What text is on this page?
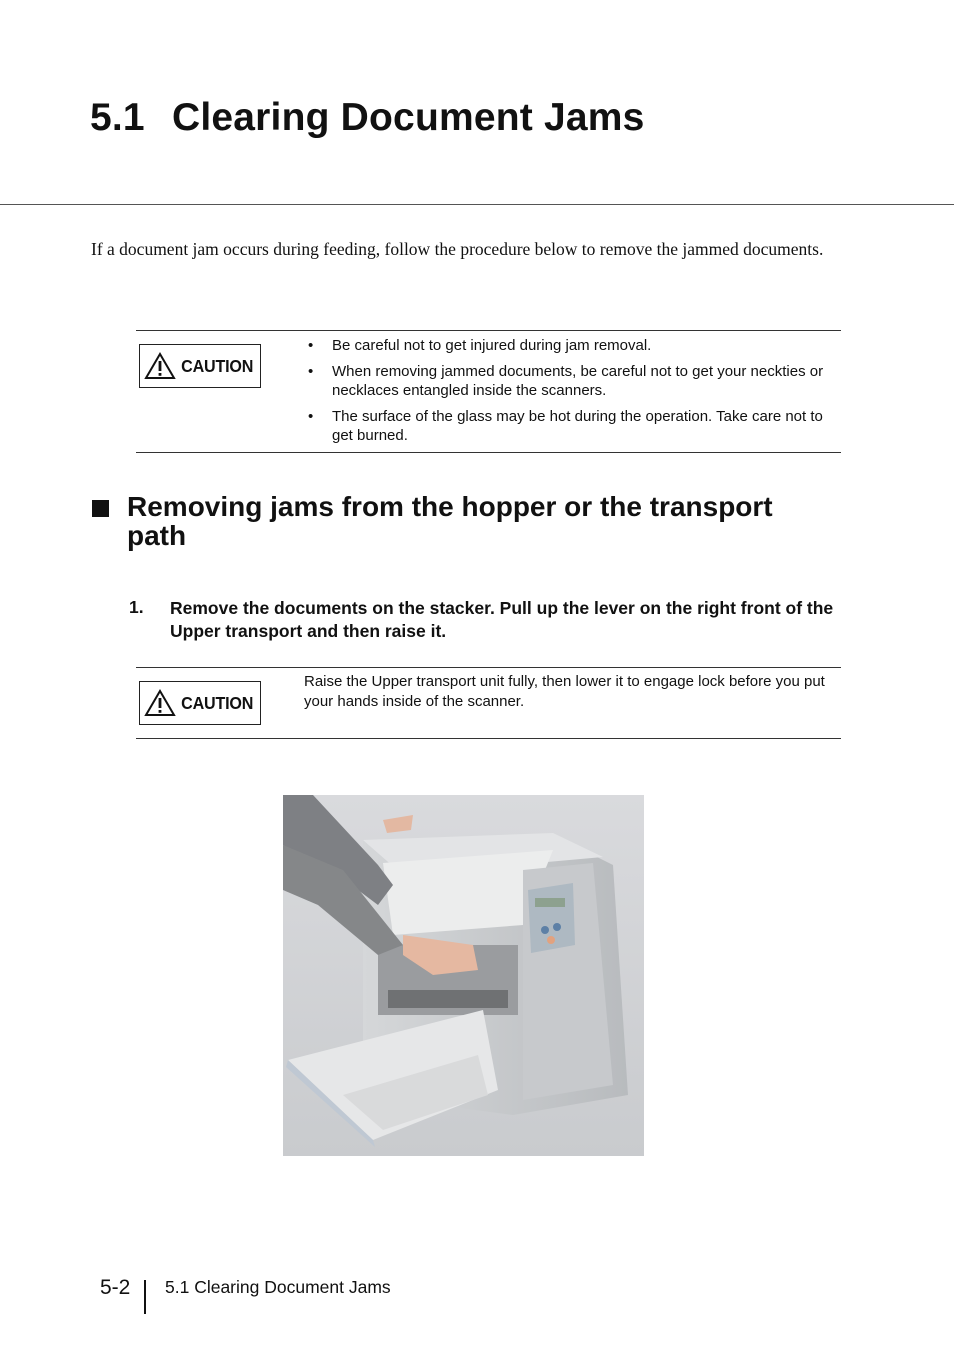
5.1 Clearing Document Jams

If a document jam occurs during feeding, follow the procedure below to remove the jammed documents.

CAUTION
• Be careful not to get injured during jam removal.
• When removing jammed documents, be careful not to get your neckties or necklaces entangled inside the scanners.
• The surface of the glass may be hot during the operation. Take care not to get burned.
Removing jams from the hopper or the transport path
1. Remove the documents on the stacker. Pull up the lever on the right front of the Upper transport and then raise it.

CAUTION

Raise the Upper transport unit fully, then lower it to engage lock before you put your hands inside of the scanner.

5-2 5.1 Clearing Document Jams
